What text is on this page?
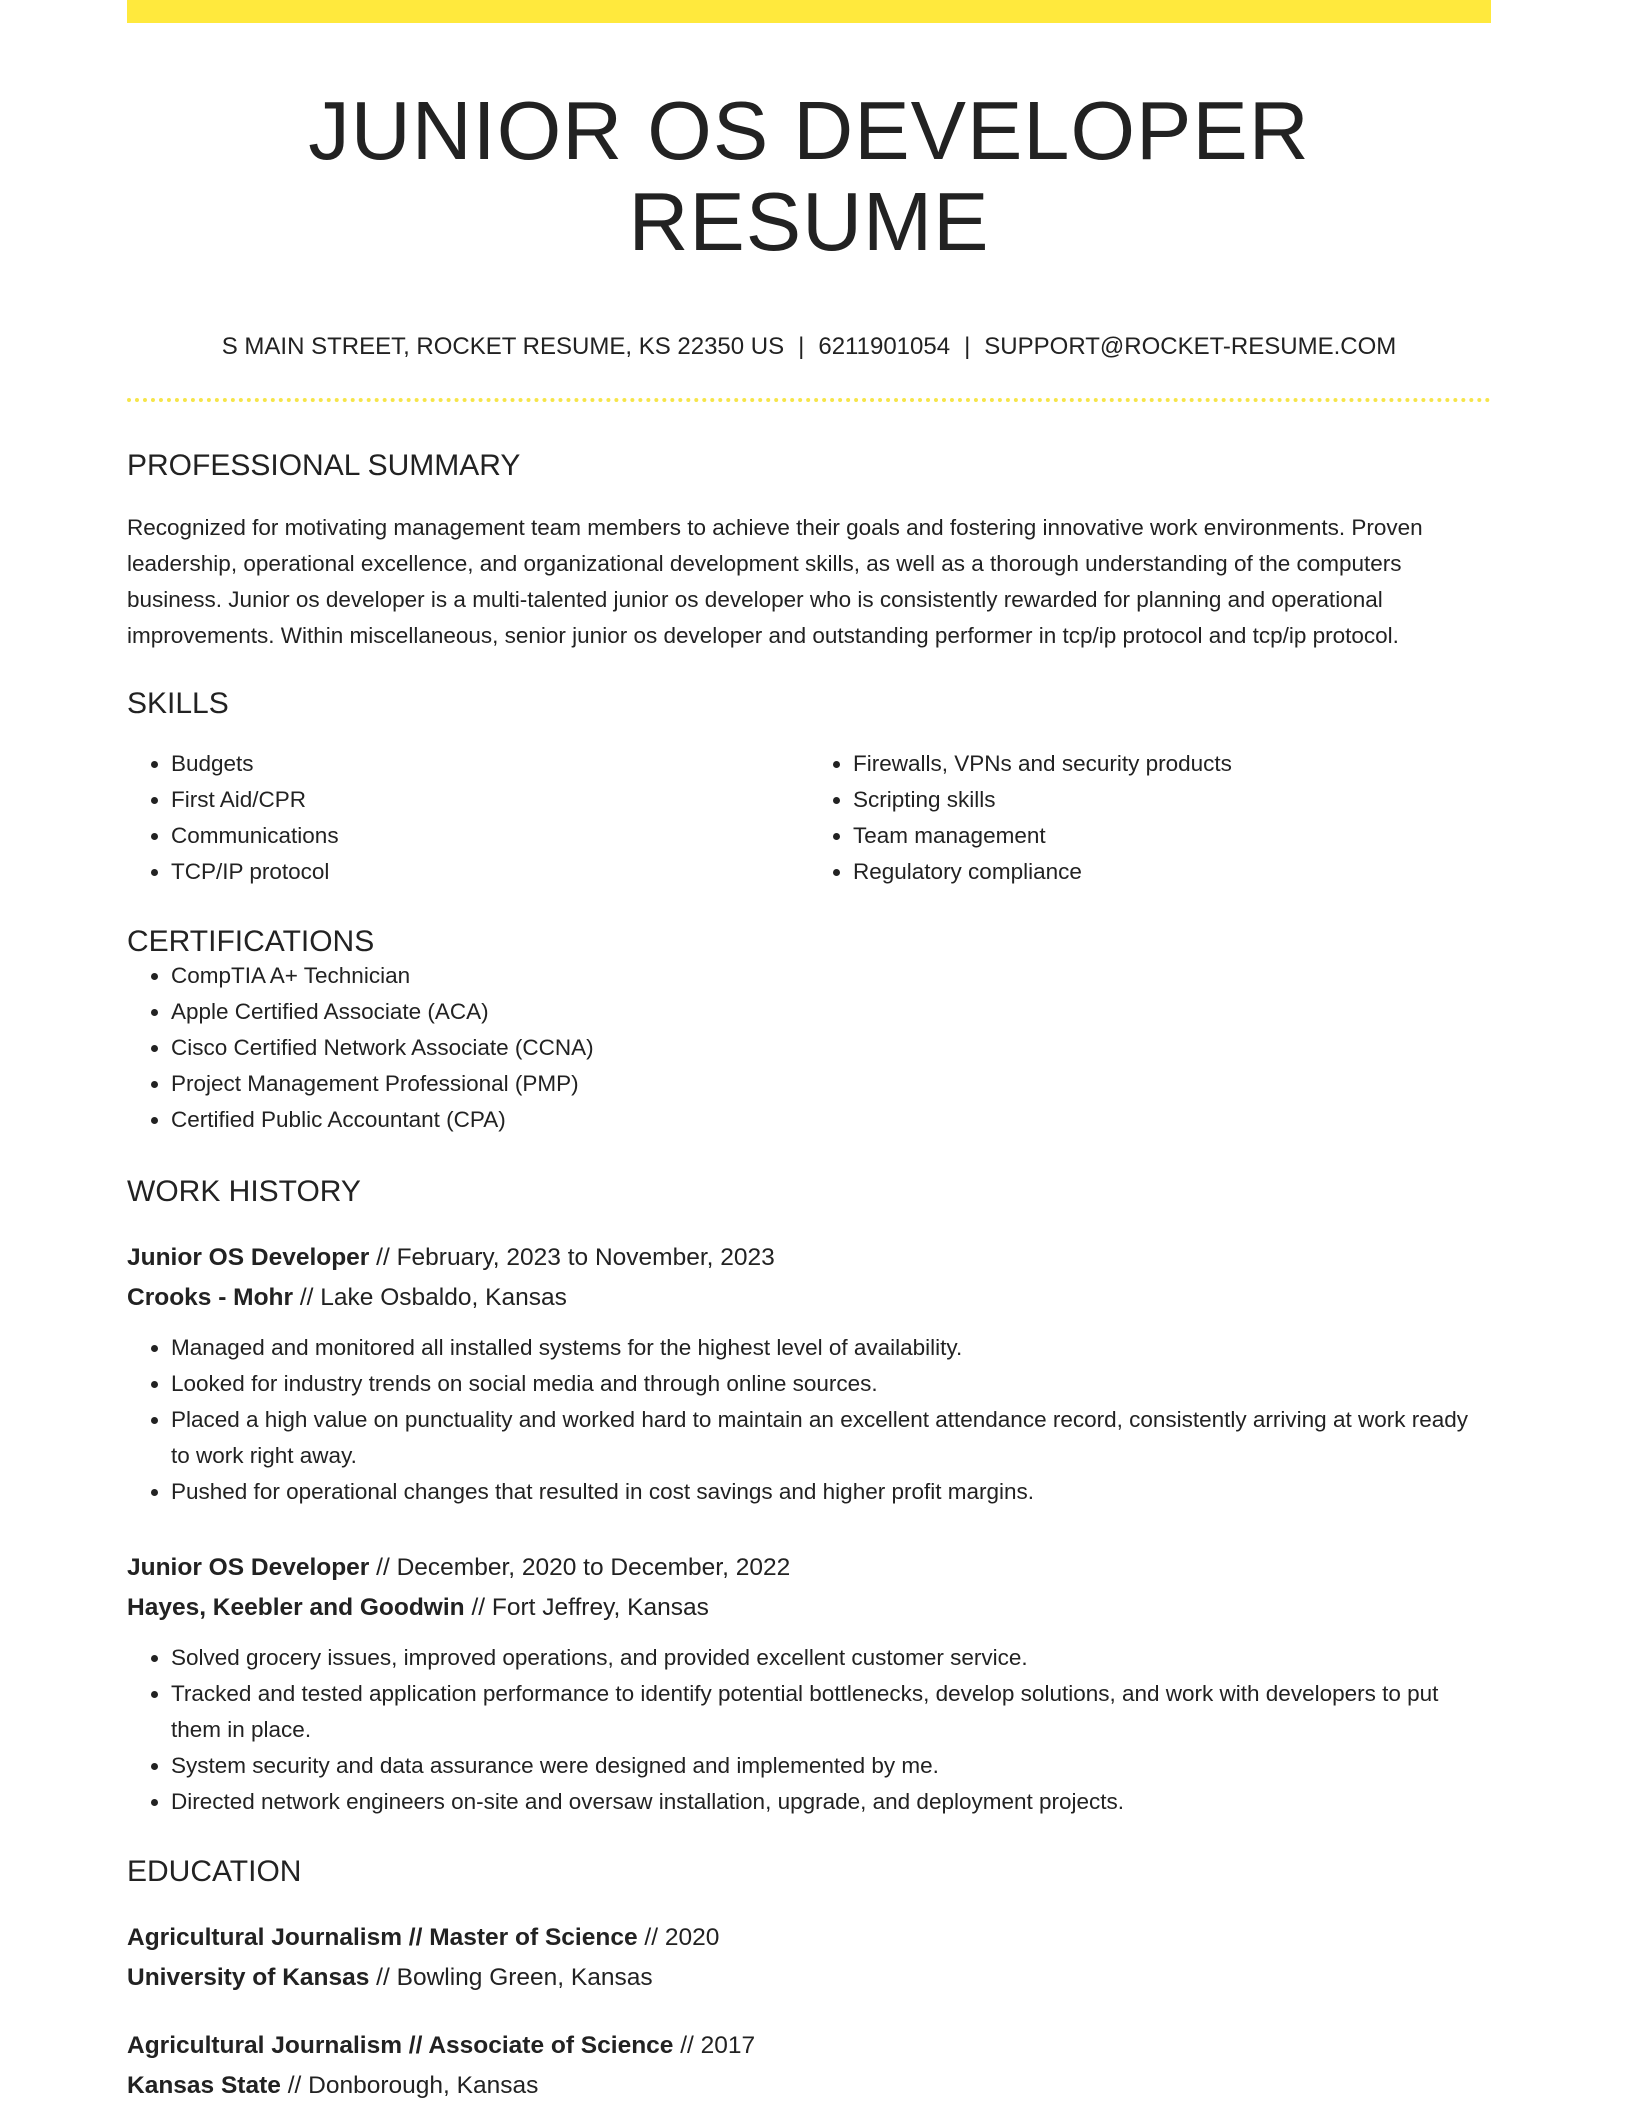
JUNIOR OS DEVELOPER RESUME
S MAIN STREET, ROCKET RESUME, KS 22350 US | 6211901054 | SUPPORT@ROCKET-RESUME.COM
PROFESSIONAL SUMMARY

Recognized for motivating management team members to achieve their goals and fostering innovative work environments. Proven leadership, operational excellence, and organizational development skills, as well as a thorough understanding of the computers business. Junior os developer is a multi-talented junior os developer who is consistently rewarded for planning and operational improvements. Within miscellaneous, senior junior os developer and outstanding performer in tcp/ip protocol and tcp/ip protocol.

SKILLS
• Budgets
• First Aid/CPR
• Communications
• TCP/IP protocol
• Firewalls, VPNs and security products
• Scripting skills
• Team management
• Regulatory compliance
CERTIFICATIONS
• CompTIA A+ Technician
• Apple Certified Associate (ACA)
• Cisco Certified Network Associate (CCNA)
• Project Management Professional (PMP)
• Certified Public Accountant (CPA)
WORK HISTORY
Junior OS Developer // February, 2023 to November, 2023
Crooks - Mohr // Lake Osbaldo, Kansas
• Managed and monitored all installed systems for the highest level of availability.
• Looked for industry trends on social media and through online sources.
• Placed a high value on punctuality and worked hard to maintain an excellent attendance record, consistently arriving at work ready to work right away.
• Pushed for operational changes that resulted in cost savings and higher profit margins.
Junior OS Developer // December, 2020 to December, 2022
Hayes, Keebler and Goodwin // Fort Jeffrey, Kansas
• Solved grocery issues, improved operations, and provided excellent customer service.
• Tracked and tested application performance to identify potential bottlenecks, develop solutions, and work with developers to put them in place.
• System security and data assurance were designed and implemented by me.
• Directed network engineers on-site and oversaw installation, upgrade, and deployment projects.
EDUCATION
Agricultural Journalism // Master of Science // 2020
University of Kansas // Bowling Green, Kansas
Agricultural Journalism // Associate of Science // 2017
Kansas State // Donborough, Kansas
